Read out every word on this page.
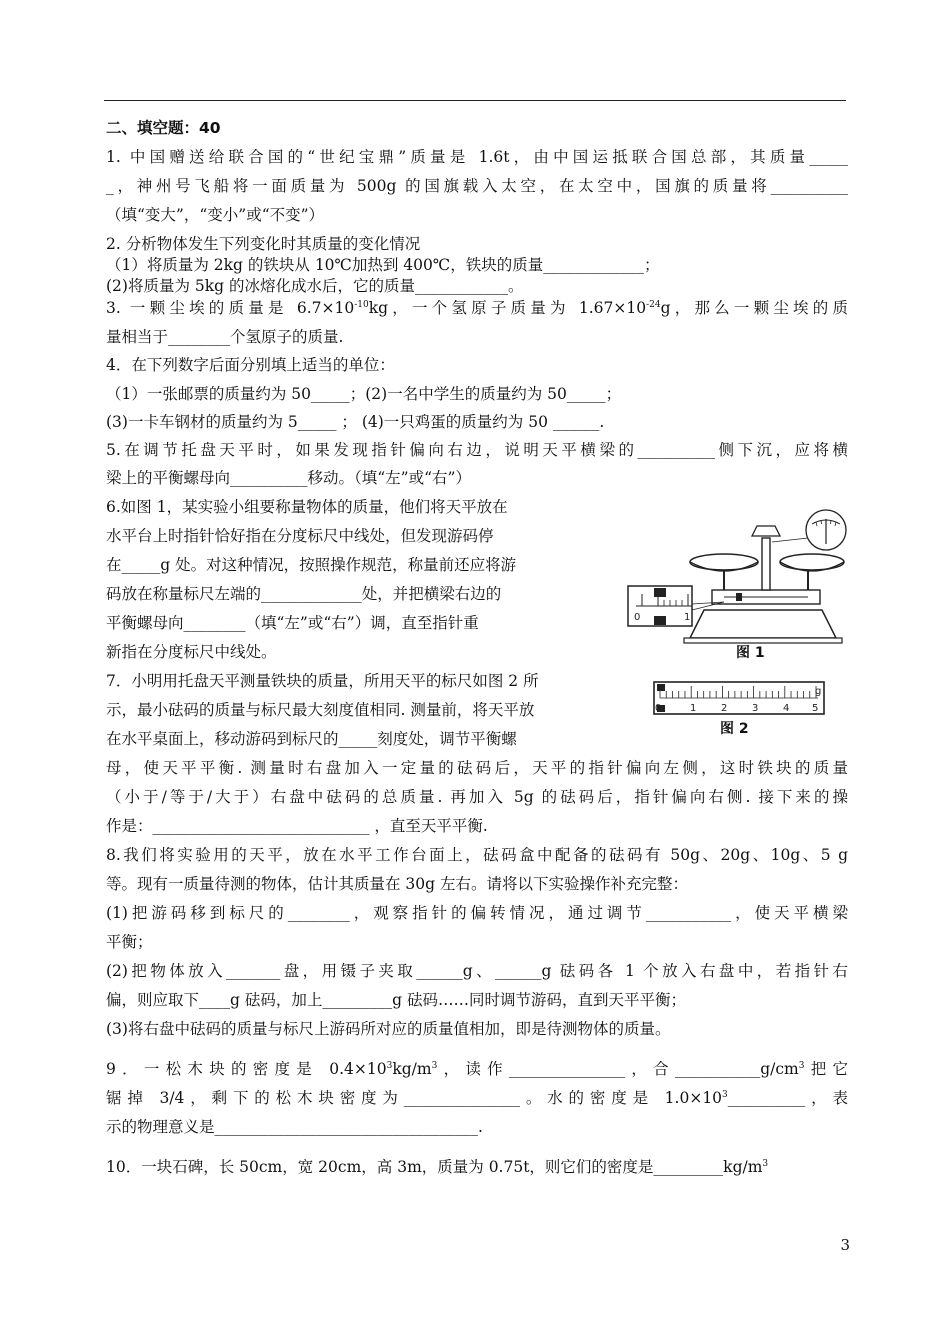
二、填空题：40
1. 中国赠送给联合国的“世纪宝鼎”质量是 1.6t，由中国运抵联合国总部，其质量_____
_，神州号飞船将一面质量为 500g 的国旗载入太空，在太空中，国旗的质量将__________
（填“变大”，“变小”或“不变”）
2. 分析物体发生下列变化时其质量的变化情况
（1）将质量为 2kg 的铁块从 10℃加热到 400℃，铁块的质量_____________；
(2)将质量为 5kg 的冰熔化成水后，它的质量____________。
3. 一颗尘埃的质量是 $6.7\times 10^{-10}kg$，一个氢原子质量为 $1.67\times 10^{-24}g$，那么一颗尘埃的质
量相当于________个氢原子的质量.
4．在下列数字后面分别填上适当的单位：
（1）一张邮票的质量约为 50_____；(2)一名中学生的质量约为 50_____；
(3)一卡车钢材的质量约为 5_____ ； (4)一只鸡蛋的质量约为 50 ______.
5.在调节托盘天平时，如果发现指针偏向右边，说明天平横梁的__________侧下沉，应将横
梁上的平衡螺母向__________移动。（填“左”或“右”）
6.如图 1，某实验小组要称量物体的质量，他们将天平放在
水平台上时指针恰好指在分度标尺中线处，但发现游码停
在_____g 处。对这种情况，按照操作规范，称量前还应将游
码放在称量标尺左端的_____________处，并把横梁右边的
平衡螺母向________（填“左”或“右”）调，直至指针重
新指在分度标尺中线处。
7．小明用托盘天平测量铁块的质量，所用天平的标尺如图 2 所
示，最小砝码的质量与标尺最大刻度值相同. 测量前，将天平放
在水平桌面上，移动游码到标尺的_____刻度处，调节平衡螺
母，使天平平衡. 测量时右盘加入一定量的砝码后，天平的指针偏向左侧，这时铁块的质量
（小于/等于/大于）右盘中砝码的总质量. 再加入 5g 的砝码后，指针偏向右侧. 接下来的操
作是：____________________________ ，直至天平平衡.
8.我们将实验用的天平，放在水平工作台面上，砝码盒中配备的砝码有 50g、20g、10g、5 g
等。现有一质量待测的物体，估计其质量在 30g 左右。请将以下实验操作补充完整：
(1)把游码移到标尺的________，观察指针的偏转情况，通过调节___________，使天平横梁
平衡；
(2)把物体放入_______盘，用镊子夹取______g、______g 砝码各 1 个放入右盘中，若指针右
偏，则应取下____g 砝码，加上_________g 砝码……同时调节游码，直到天平平衡；
(3)将右盘中砝码的质量与标尺上游码所对应的质量值相加，即是待测物体的质量。
9．一松木块的密度是 $0.4\times 10^3kg/m^3$，读作_______________，合$\_\_\_\_\_\_\_\_\_\_\_g/cm^3$把它
锯掉 3/4，剩下的松木块密度为_______________。水的密度是 $1.0\times 10^3\_\_\_\_\_\_\_\_\_\_$，表
示的物理意义是__________________________________.
10．一块石碑，长 50cm，宽 20cm，高 3m，质量为 0.75t，则它们的密度是$\_\_\_\_\_\_\_\_\_kg/m^3$
0	1
图 1
g
0	1 2 3 4 5
图 2
3
